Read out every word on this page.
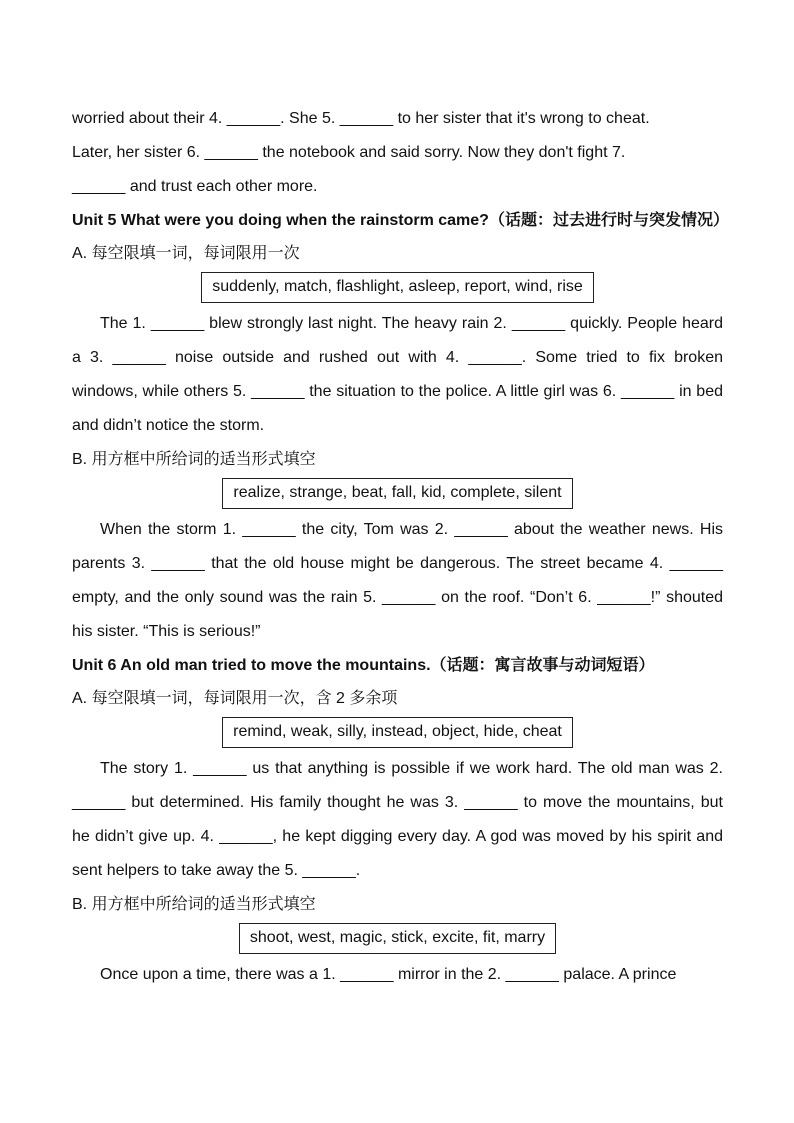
worried about their 4. ______. She 5. ______ to her sister that it's wrong to cheat.
Later, her sister 6. ______ the notebook and said sorry. Now they don't fight 7.
______ and trust each other more.

Unit 5 What were you doing when the rainstorm came?（话题：过去进行时与突发情况）

A. 每空限填一词，每词限用一次

suddenly, match, flashlight, asleep, report, wind, rise

The 1. ______ blew strongly last night. The heavy rain 2. ______ quickly. People heard a 3. ______ noise outside and rushed out with 4. ______. Some tried to fix broken windows, while others 5. ______ the situation to the police. A little girl was 6. ______ in bed and didn’t notice the storm.

B. 用方框中所给词的适当形式填空

realize, strange, beat, fall, kid, complete, silent

When the storm 1. ______ the city, Tom was 2. ______ about the weather news. His parents 3. ______ that the old house might be dangerous. The street became 4. ______ empty, and the only sound was the rain 5. ______ on the roof. “Don’t 6. ______!” shouted his sister. “This is serious!”

Unit 6 An old man tried to move the mountains.（话题：寓言故事与动词短语）

A. 每空限填一词，每词限用一次，含 2 多余项

remind, weak, silly, instead, object, hide, cheat

The story 1. ______ us that anything is possible if we work hard. The old man was 2. ______ but determined. His family thought he was 3. ______ to move the mountains, but he didn’t give up. 4. ______, he kept digging every day. A god was moved by his spirit and sent helpers to take away the 5. ______.

B. 用方框中所给词的适当形式填空

shoot, west, magic, stick, excite, fit, marry

Once upon a time, there was a 1. ______ mirror in the 2. ______ palace. A prince
